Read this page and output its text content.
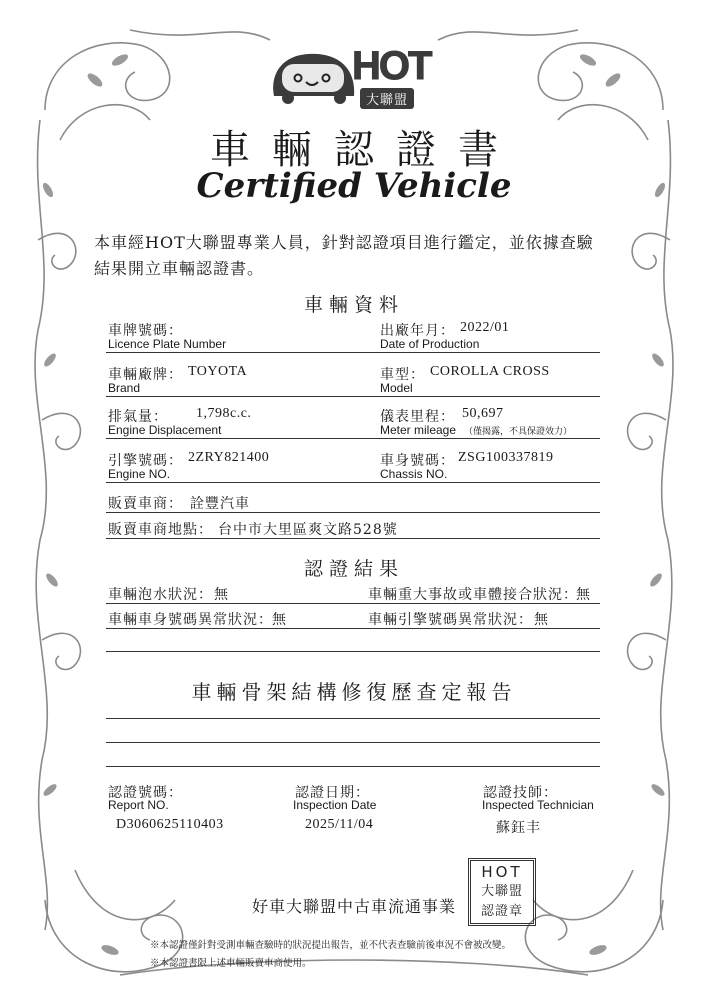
HOT
大聯盟
車輛認證書
Certified Vehicle
本車經HOT大聯盟專業人員，針對認證項目進行鑑定，並依據查驗
結果開立車輛認證書。
車輛資料
車牌號碼：
Licence Plate Number
出廠年月： 2022/01
Date of Production
車輛廠牌： TOYOTA
Brand
車型： COROLLA CROSS
Model
排氣量： 1,798c.c.
Engine Displacement
儀表里程： 50,697
Meter mileage （僅揭露，不具保證效力）
引擎號碼： 2ZRY821400
Engine NO.
車身號碼： ZSG100337819
Chassis NO.
販賣車商： 詮豐汽車
販賣車商地點： 台中市大里區爽文路528號
認證結果
車輛泡水狀況： 無	車輛重大事故或車體接合狀況：
無
車輛車身號碼異常狀況： 無	車輛引擎號碼異常狀況： 無
車輛骨架結構修復歷查定報告
認證號碼：
Report NO.
D3060625110403
認證日期：
Inspection Date
2025/11/04
認證技師：
Inspected Technician
蘇鈺丰
好車大聯盟中古車流通事業
HOT
大聯盟
認證章
※本認證僅針對受測車輛查驗時的狀況提出報告，並不代表查驗前後車況不會被改變。
※本認證書限上述車輛販賣車商使用。
